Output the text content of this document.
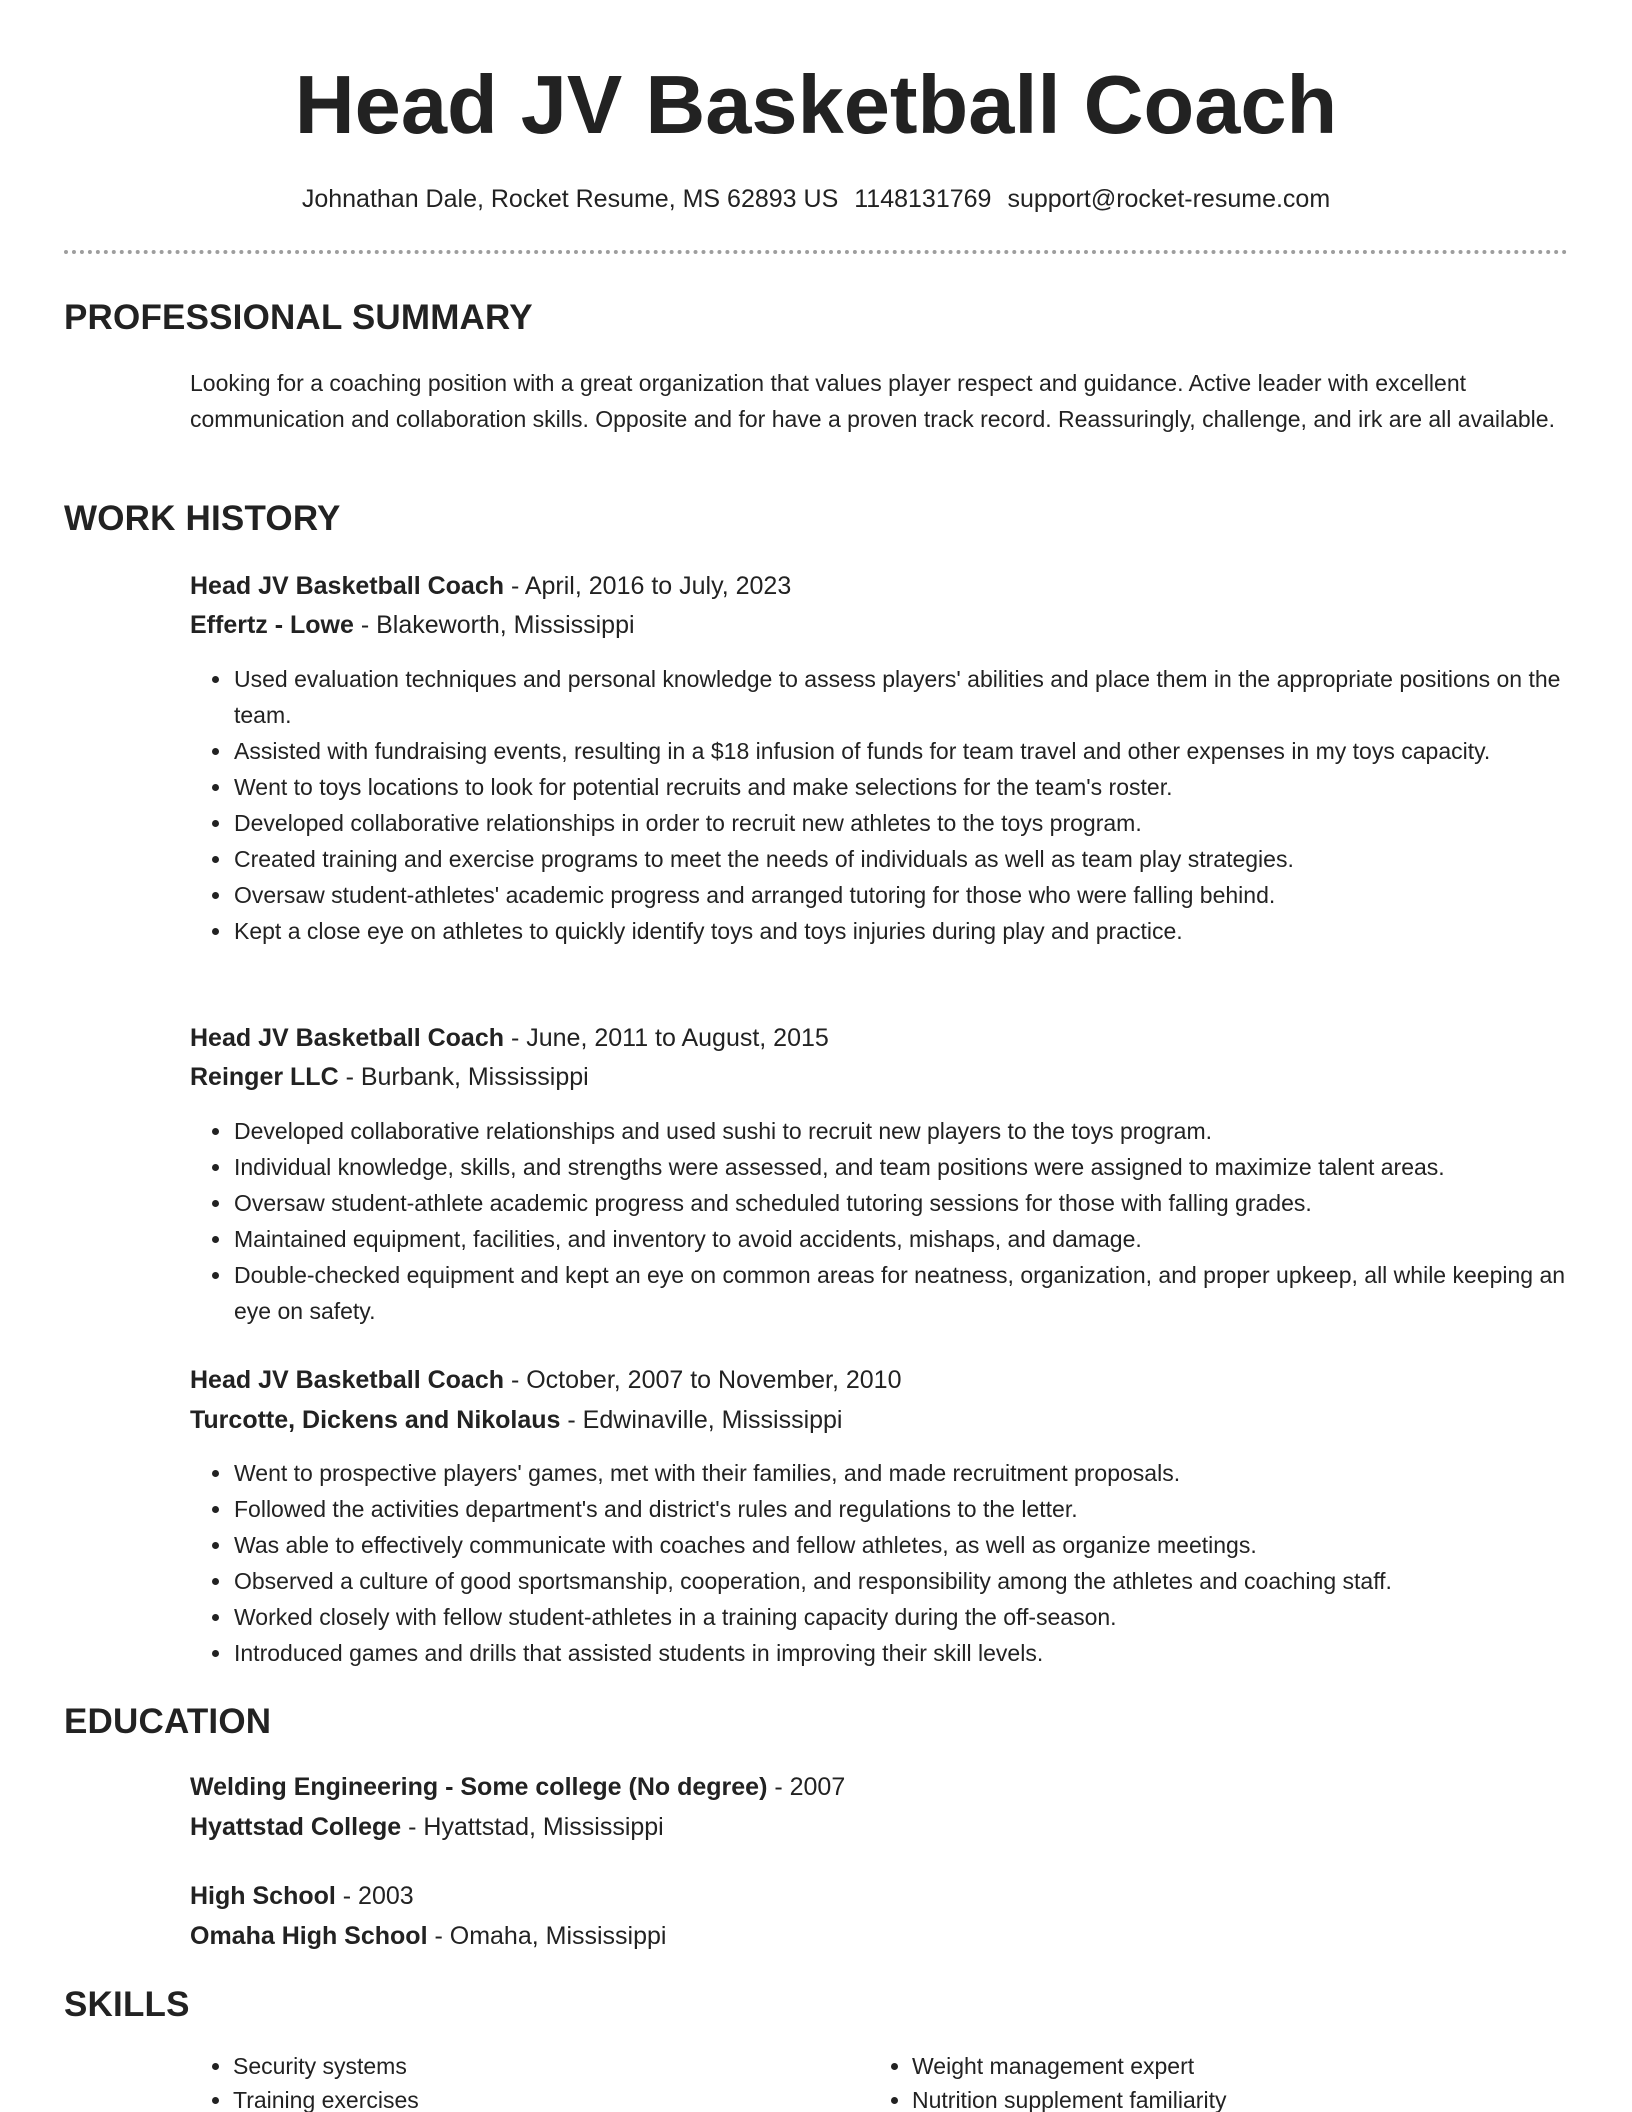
Head JV Basketball Coach
Johnathan Dale, Rocket Resume, MS 62893 US 1148131769 support@rocket-resume.com
PROFESSIONAL SUMMARY

Looking for a coaching position with a great organization that values player respect and guidance. Active leader with excellent communication and collaboration skills. Opposite and for have a proven track record. Reassuringly, challenge, and irk are all available.

WORK HISTORY
Head JV Basketball Coach - April, 2016 to July, 2023
Effertz - Lowe - Blakeworth, Mississippi
• Used evaluation techniques and personal knowledge to assess players' abilities and place them in the appropriate positions on the team.
• Assisted with fundraising events, resulting in a $18 infusion of funds for team travel and other expenses in my toys capacity.
• Went to toys locations to look for potential recruits and make selections for the team's roster.
• Developed collaborative relationships in order to recruit new athletes to the toys program.
• Created training and exercise programs to meet the needs of individuals as well as team play strategies.
• Oversaw student-athletes' academic progress and arranged tutoring for those who were falling behind.
• Kept a close eye on athletes to quickly identify toys and toys injuries during play and practice.
Head JV Basketball Coach - June, 2011 to August, 2015
Reinger LLC - Burbank, Mississippi
• Developed collaborative relationships and used sushi to recruit new players to the toys program.
• Individual knowledge, skills, and strengths were assessed, and team positions were assigned to maximize talent areas.
• Oversaw student-athlete academic progress and scheduled tutoring sessions for those with falling grades.
• Maintained equipment, facilities, and inventory to avoid accidents, mishaps, and damage.
• Double-checked equipment and kept an eye on common areas for neatness, organization, and proper upkeep, all while keeping an eye on safety.
Head JV Basketball Coach - October, 2007 to November, 2010
Turcotte, Dickens and Nikolaus - Edwinaville, Mississippi
• Went to prospective players' games, met with their families, and made recruitment proposals.
• Followed the activities department's and district's rules and regulations to the letter.
• Was able to effectively communicate with coaches and fellow athletes, as well as organize meetings.
• Observed a culture of good sportsmanship, cooperation, and responsibility among the athletes and coaching staff.
• Worked closely with fellow student-athletes in a training capacity during the off-season.
• Introduced games and drills that assisted students in improving their skill levels.
EDUCATION
Welding Engineering - Some college (No degree) - 2007
Hyattstad College - Hyattstad, Mississippi
High School - 2003
Omaha High School - Omaha, Mississippi
SKILLS
• Security systems
• Training exercises
• Weight management expert
• Nutrition supplement familiarity
